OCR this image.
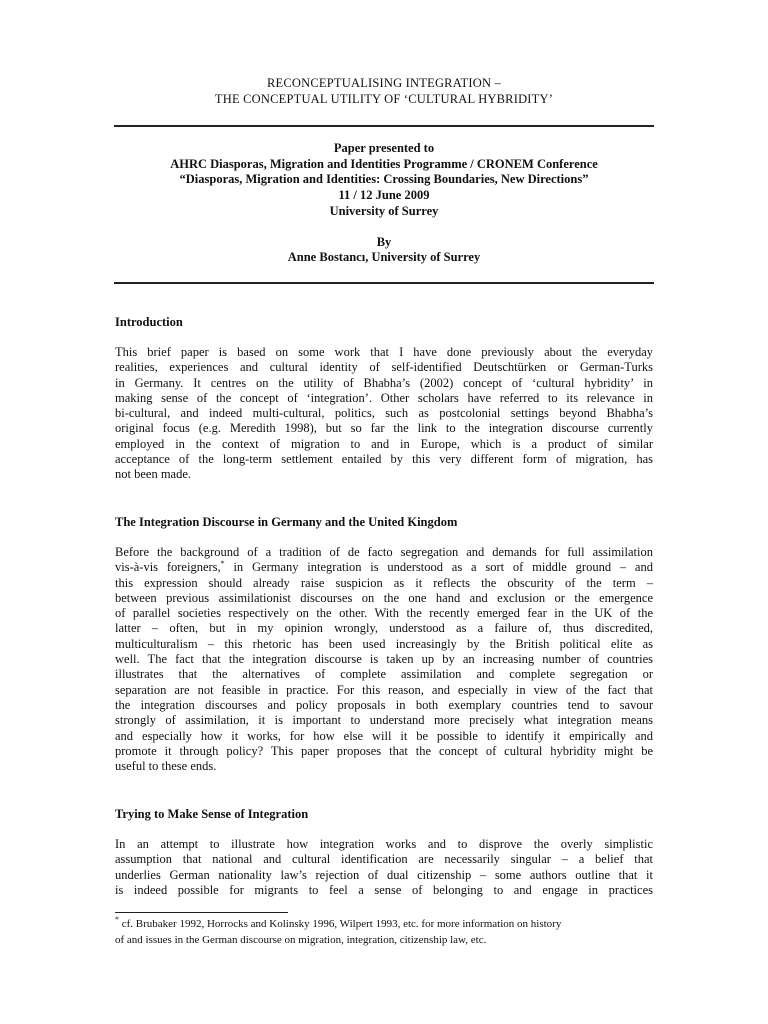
RECONCEPTUALISING INTEGRATION –
THE CONCEPTUAL UTILITY OF ‘CULTURAL HYBRIDITY’
Paper presented to
AHRC Diasporas, Migration and Identities Programme / CRONEM Conference
“Diasporas, Migration and Identities: Crossing Boundaries, New Directions”
11 / 12 June 2009
University of Surrey
By
Anne Bostancı, University of Surrey
Introduction
This brief paper is based on some work that I have done previously about the everyday
realities, experiences and cultural identity of self-identified Deutschtürken or German-Turks
in Germany. It centres on the utility of Bhabha’s (2002) concept of ‘cultural hybridity’ in
making sense of the concept of ‘integration’. Other scholars have referred to its relevance in
bi-cultural, and indeed multi-cultural, politics, such as postcolonial settings beyond Bhabha’s
original focus (e.g. Meredith 1998), but so far the link to the integration discourse currently
employed in the context of migration to and in Europe, which is a product of similar
acceptance of the long-term settlement entailed by this very different form of migration, has
not been made.
The Integration Discourse in Germany and the United Kingdom
Before the background of a tradition of de facto segregation and demands for full assimilation
vis-à-vis foreigners,* in Germany integration is understood as a sort of middle ground – and
this expression should already raise suspicion as it reflects the obscurity of the term –
between previous assimilationist discourses on the one hand and exclusion or the emergence
of parallel societies respectively on the other. With the recently emerged fear in the UK of the
latter – often, but in my opinion wrongly, understood as a failure of, thus discredited,
multiculturalism – this rhetoric has been used increasingly by the British political elite as
well. The fact that the integration discourse is taken up by an increasing number of countries
illustrates that the alternatives of complete assimilation and complete segregation or
separation are not feasible in practice. For this reason, and especially in view of the fact that
the integration discourses and policy proposals in both exemplary countries tend to savour
strongly of assimilation, it is important to understand more precisely what integration means
and especially how it works, for how else will it be possible to identify it empirically and
promote it through policy? This paper proposes that the concept of cultural hybridity might be
useful to these ends.
Trying to Make Sense of Integration
In an attempt to illustrate how integration works and to disprove the overly simplistic
assumption that national and cultural identification are necessarily singular – a belief that
underlies German nationality law’s rejection of dual citizenship – some authors outline that it
is indeed possible for migrants to feel a sense of belonging to and engage in practices
* cf. Brubaker 1992, Horrocks and Kolinsky 1996, Wilpert 1993, etc. for more information on history
of and issues in the German discourse on migration, integration, citizenship law, etc.
